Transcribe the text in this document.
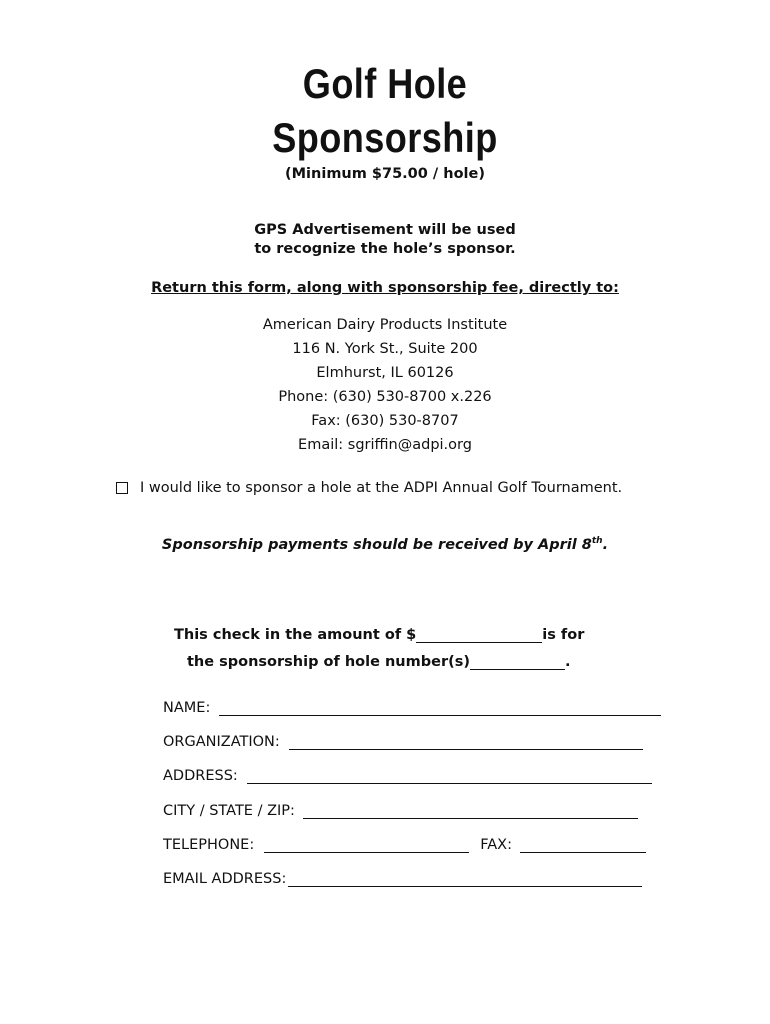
Golf Hole
Sponsorship
(Minimum $75.00 / hole)
GPS Advertisement will be used
to recognize the hole’s sponsor.
Return this form, along with sponsorship fee, directly to:
American Dairy Products Institute
116 N. York St., Suite 200
Elmhurst, IL 60126
Phone: (630) 530-8700 x.226
Fax: (630) 530-8707
Email: sgriffin@adpi.org
I would like to sponsor a hole at the ADPI Annual Golf Tournament.
Sponsorship payments should be received by April 8th.
This check in the amount of $	is for
the sponsorship of hole number(s)	.
NAME:
ORGANIZATION:
ADDRESS:
CITY / STATE / ZIP:
TELEPHONE:	FAX:
EMAIL ADDRESS:
